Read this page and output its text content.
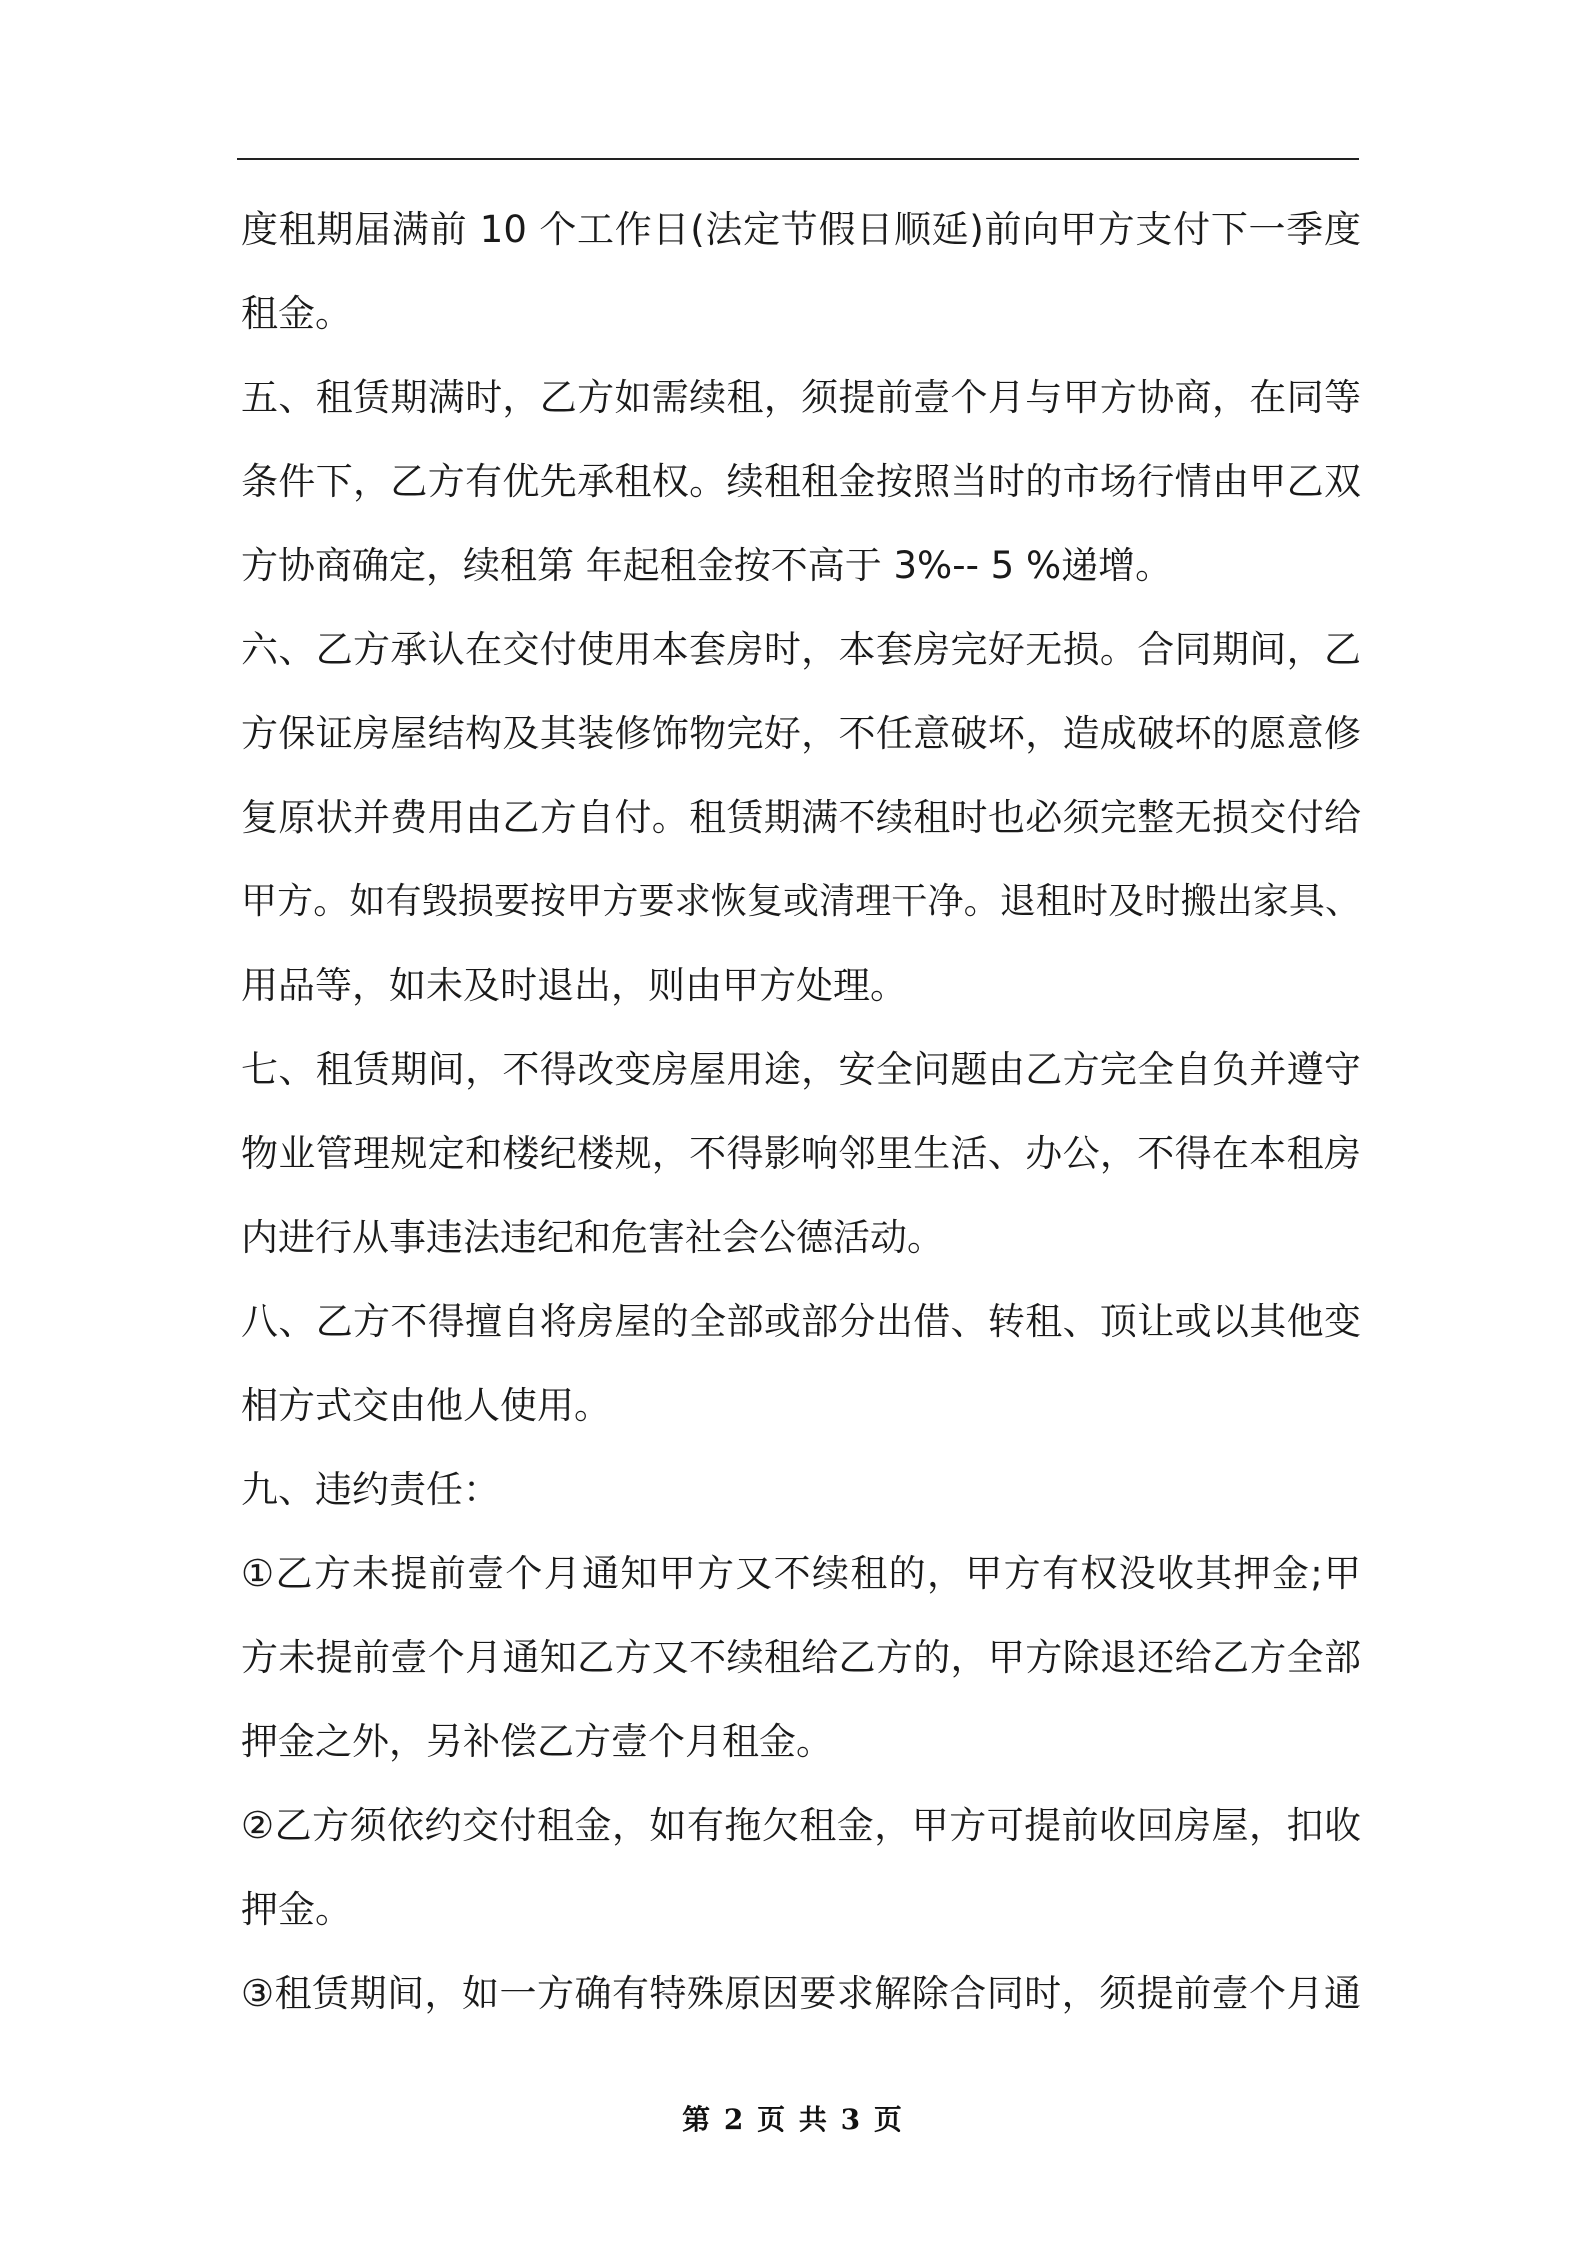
度租期届满前 10 个工作日(法定节假日顺延)前向甲方支付下一季度
租金。
五、租赁期满时，乙方如需续租，须提前壹个月与甲方协商，在同等
条件下，乙方有优先承租权。续租租金按照当时的市场行情由甲乙双
方协商确定，续租第 年起租金按不高于 3%-- 5 %递增。
六、乙方承认在交付使用本套房时，本套房完好无损。合同期间，乙
方保证房屋结构及其装修饰物完好，不任意破坏，造成破坏的愿意修
复原状并费用由乙方自付。租赁期满不续租时也必须完整无损交付给
甲方。如有毁损要按甲方要求恢复或清理干净。退租时及时搬出家具、
用品等，如未及时退出，则由甲方处理。
七、租赁期间，不得改变房屋用途，安全问题由乙方完全自负并遵守
物业管理规定和楼纪楼规，不得影响邻里生活、办公，不得在本租房
内进行从事违法违纪和危害社会公德活动。
八、乙方不得擅自将房屋的全部或部分出借、转租、顶让或以其他变
相方式交由他人使用。
九、违约责任：
①乙方未提前壹个月通知甲方又不续租的，甲方有权没收其押金;甲
方未提前壹个月通知乙方又不续租给乙方的，甲方除退还给乙方全部
押金之外，另补偿乙方壹个月租金。
②乙方须依约交付租金，如有拖欠租金，甲方可提前收回房屋，扣收
押金。
③租赁期间，如一方确有特殊原因要求解除合同时，须提前壹个月通
第 2 页 共 3 页
